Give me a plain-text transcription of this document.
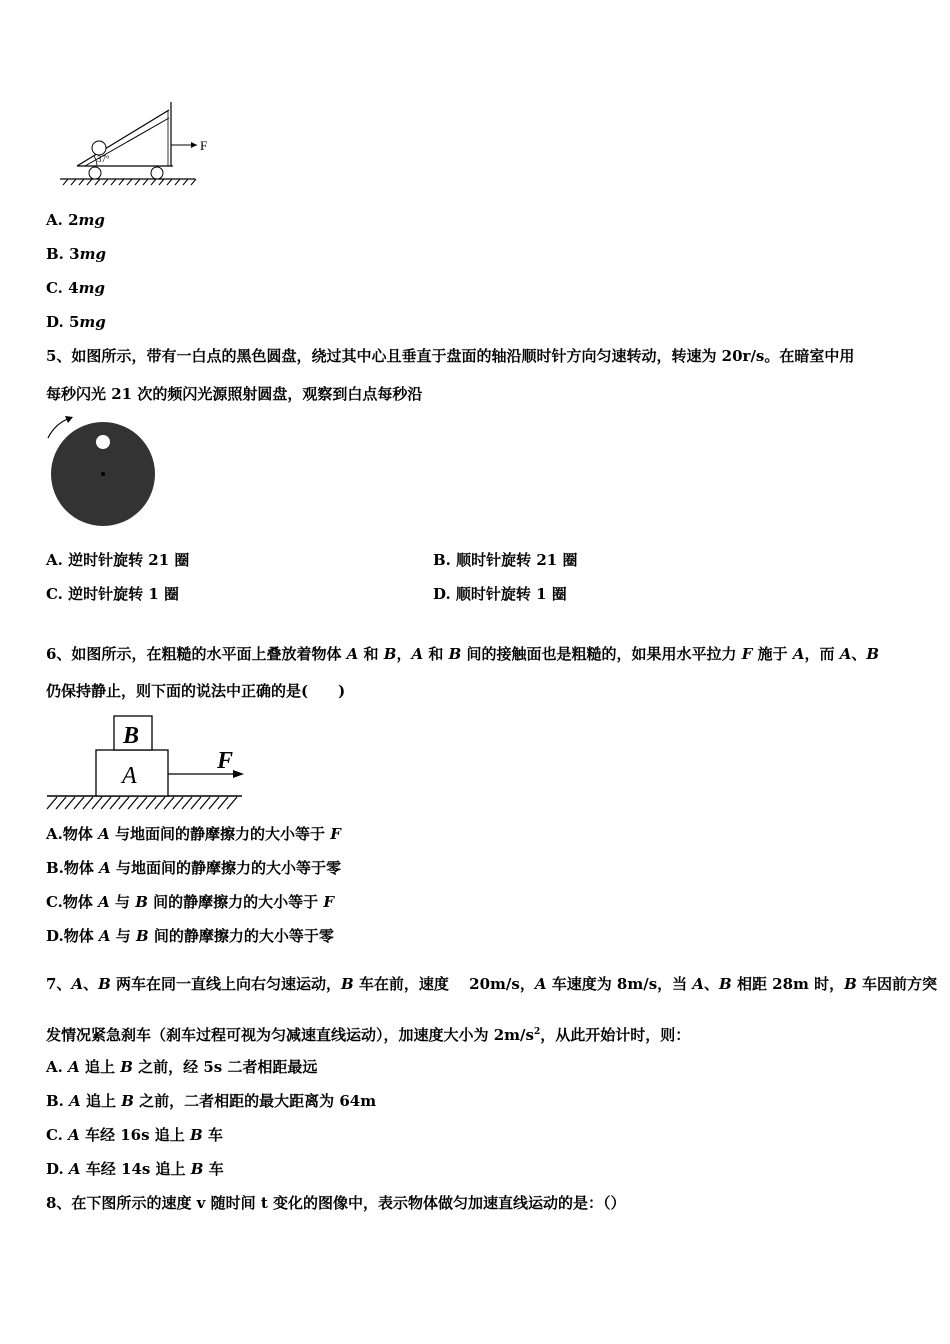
37°
F
A. 2mg
B. 3mg
C. 4mg
D. 5mg
5、如图所示，带有一白点的黑色圆盘，绕过其中心且垂直于盘面的轴沿顺时针方向匀速转动，转速为 20r/s。在暗室中用
每秒闪光 21 次的频闪光源照射圆盘，观察到白点每秒沿
A. 逆时针旋转 21 圈	B. 顺时针旋转 21 圈
C. 逆时针旋转 1 圈	D. 顺时针旋转 1 圈
6、如图所示，在粗糙的水平面上叠放着物体 A 和 B，A 和 B 间的接触面也是粗糙的，如果用水平拉力 F 施于 A，而 A、B
仍保持静止，则下面的说法中正确的是(　　)
A
B
F
A.物体 A 与地面间的静摩擦力的大小等于 F
B.物体 A 与地面间的静摩擦力的大小等于零
C.物体 A 与 B 间的静摩擦力的大小等于 F
D.物体 A 与 B 间的静摩擦力的大小等于零
7、A、B 两车在同一直线上向右匀速运动，B 车在前，速度　 20m/s，A 车速度为 8m/s，当 A、B 相距 28m 时，B 车因前方突
发情况紧急刹车（刹车过程可视为匀减速直线运动），加速度大小为 $2m/s^2$，从此开始计时，则：
A. A 追上 B 之前，经 5s 二者相距最远
B. A 追上 B 之前，二者相距的最大距离为 64m
C. A 车经 16s 追上 B 车
D. A 车经 14s 追上 B 车
8、在下图所示的速度 v 随时间 t 变化的图像中，表示物体做匀加速直线运动的是：（）
